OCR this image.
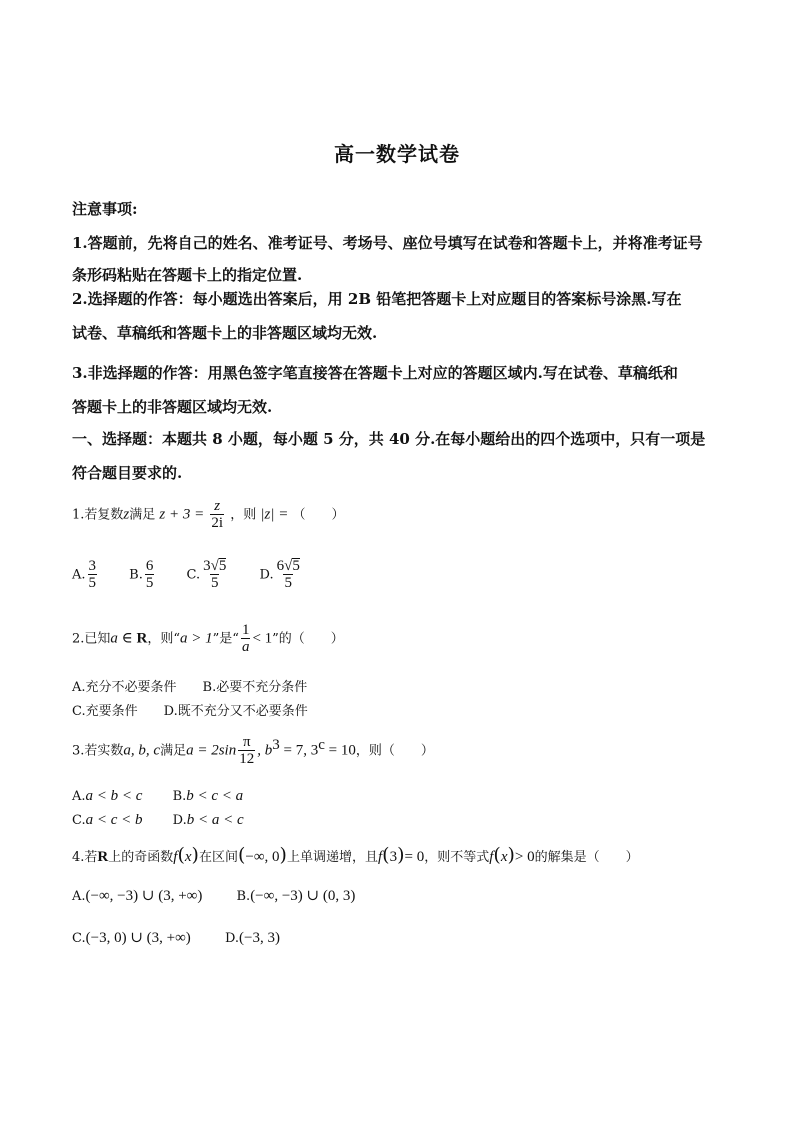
高一数学试卷
注意事项:
1.答题前，先将自己的姓名、准考证号、考场号、座位号填写在试卷和答题卡上，并将准考证号
条形码粘贴在答题卡上的指定位置.
2.选择题的作答：每小题选出答案后，用 2B 铅笔把答题卡上对应题目的答案标号涂黑.写在
试卷、草稿纸和答题卡上的非答题区域均无效.
3.非选择题的作答：用黑色签字笔直接答在答题卡上对应的答题区域内.写在试卷、草稿纸和
答题卡上的非答题区域均无效.
一、选择题：本题共 8 小题，每小题 5 分，共 40 分.在每小题给出的四个选项中，只有一项是
符合题目要求的.
1.若复数z满足 $z + 3 = \frac{z}{2i}$ ，则 |z| = （　　）
A. $\frac{3}{5} B$. $\frac{6}{5} C$. $\frac{3 √ 5}{5} D$. $\frac{6 √ 5}{5}$
2.已知a ∈ R，则“a > 1”是“ $\frac{1}{a} < 1$”的（　　）
A.充分不必要条件 B.必要不充分条件
C.充要条件 D.既不充分又不必要条件
3.若实数a, b, c满足$a = 2\sin \frac{\pi}{12}$ , $b^3 = 7$, $3^c = 10$，则（　　）
A.a < b < c B.b < c < a
C.a < c < b D.b < a < c
4.若R上的奇函数f(x)在区间(−∞, 0)上单调递增，且f(3)= 0，则不等式f(x)> 0的解集是（　　）
A.(−∞, −3) ∪ (3, +∞)	B.(−∞, −3) ∪ (0, 3)
C.(−3, 0) ∪ (3, +∞)	D.(−3, 3)
